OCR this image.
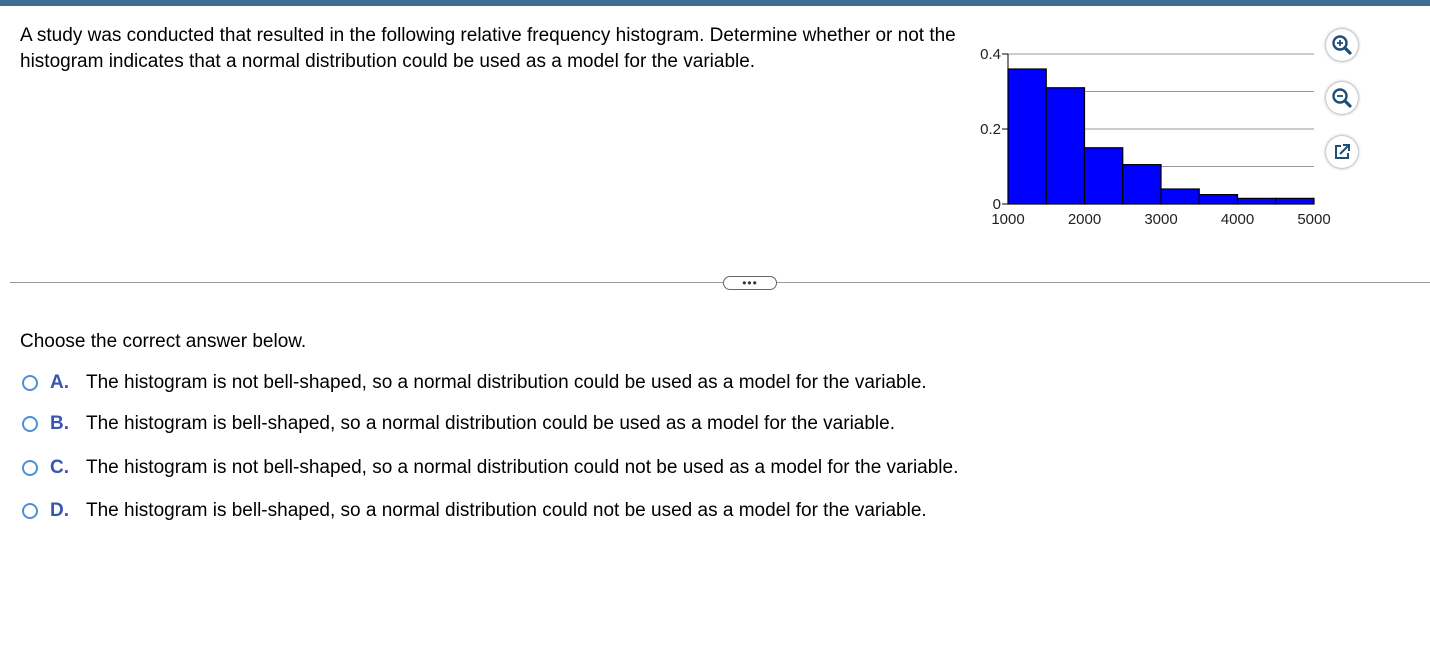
A study was conducted that resulted in the following relative frequency histogram. Determine whether or not the histogram indicates that a normal distribution could be used as a model for the variable.
0
0.2
0.4
1000	2000	3000	4000	5000
•••
Choose the correct answer below.
A. The histogram is not bell-shaped, so a normal distribution could be used as a model for the variable.
B. The histogram is bell-shaped, so a normal distribution could be used as a model for the variable.
C. The histogram is not bell-shaped, so a normal distribution could not be used as a model for the variable.
D. The histogram is bell-shaped, so a normal distribution could not be used as a model for the variable.
